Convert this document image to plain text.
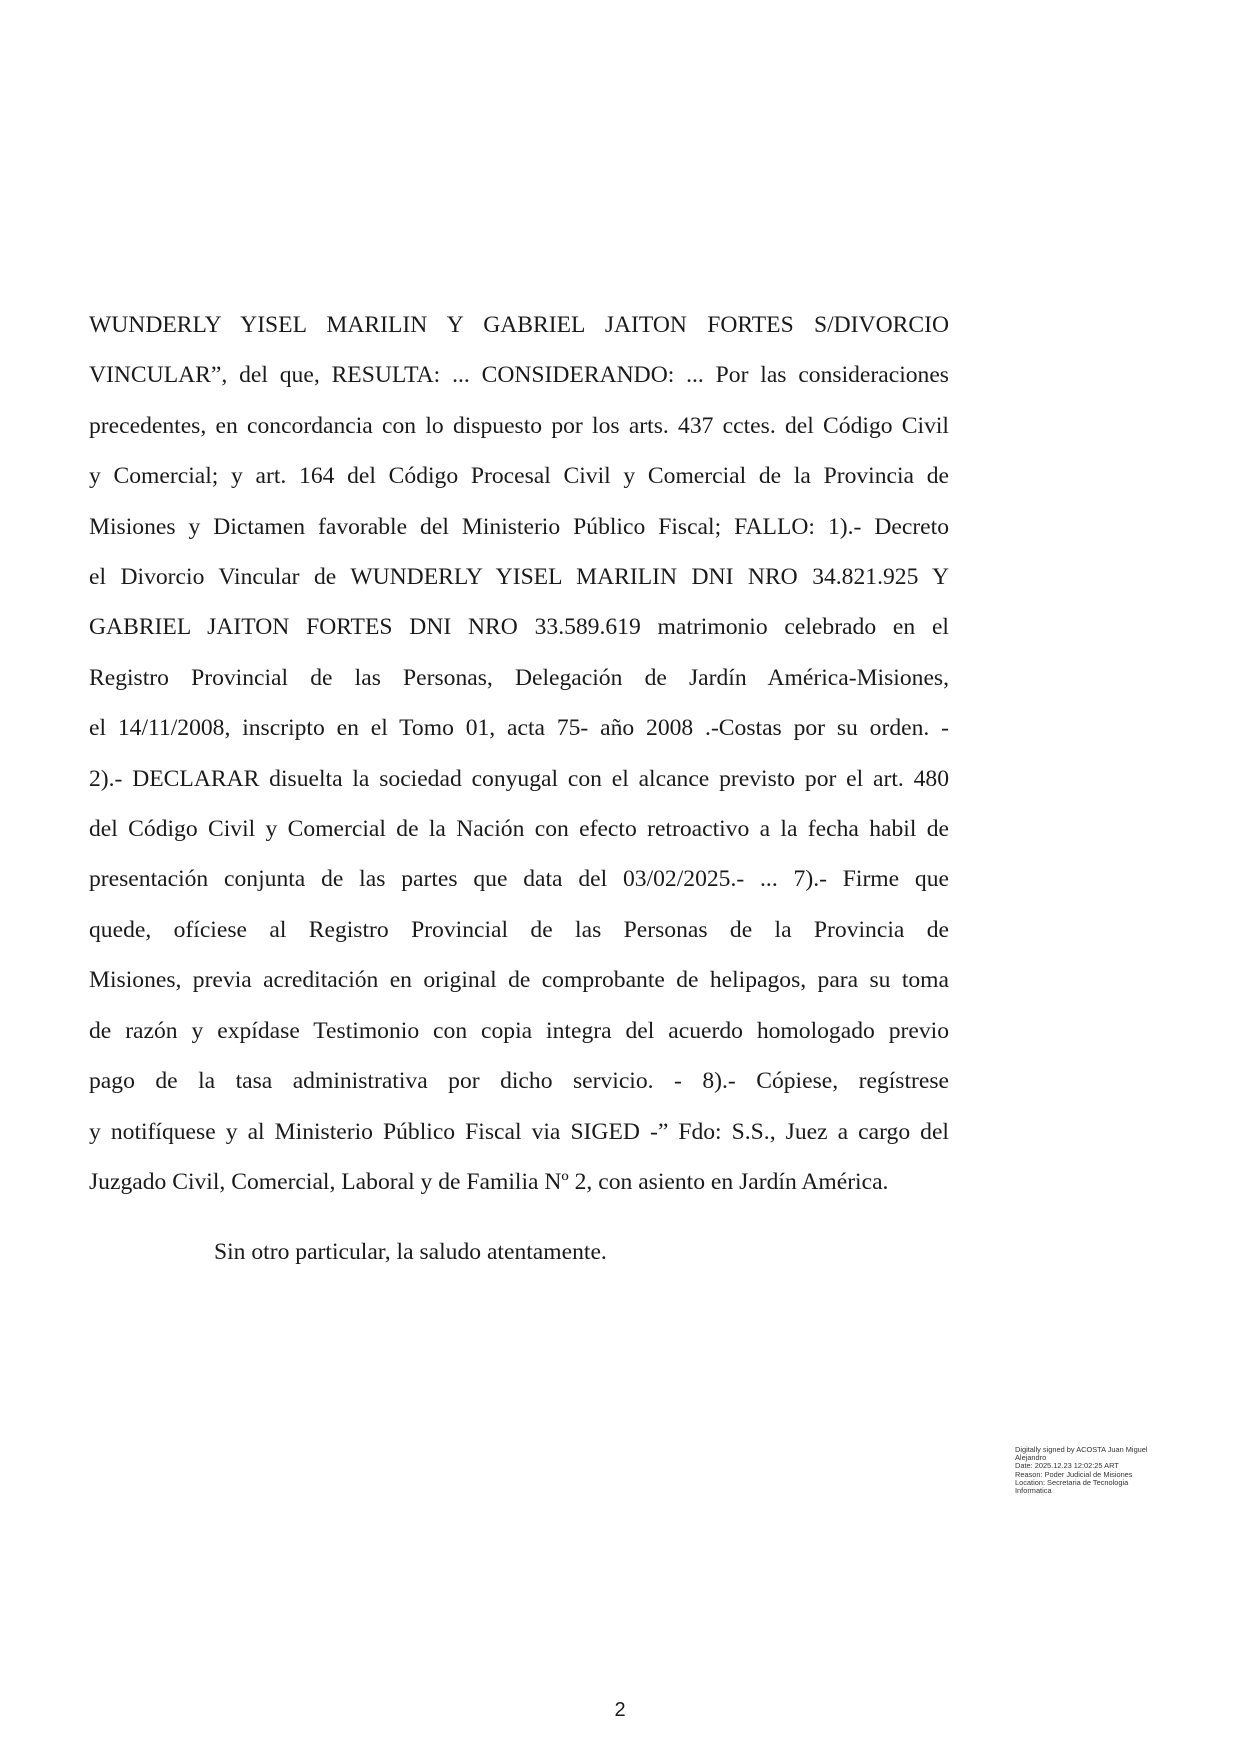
WUNDERLY YISEL MARILIN Y GABRIEL JAITON FORTES S/DIVORCIO
VINCULAR”, del que, RESULTA: ... CONSIDERANDO: ... Por las consideraciones
precedentes, en concordancia con lo dispuesto por los arts. 437 cctes. del Código Civil
y Comercial; y art. 164 del Código Procesal Civil y Comercial de la Provincia de
Misiones y Dictamen favorable del Ministerio Público Fiscal; FALLO: 1).- Decreto
el Divorcio Vincular de WUNDERLY YISEL MARILIN DNI NRO 34.821.925 Y
GABRIEL JAITON FORTES DNI NRO 33.589.619 matrimonio celebrado en el
Registro Provincial de las Personas, Delegación de Jardín América-Misiones,
el 14/11/2008, inscripto en el Tomo 01, acta 75- año 2008 .-Costas por su orden. -
2).- DECLARAR disuelta la sociedad conyugal con el alcance previsto por el art. 480
del Código Civil y Comercial de la Nación con efecto retroactivo a la fecha habil de
presentación conjunta de las partes que data del 03/02/2025.- ... 7).- Firme que
quede, ofíciese al Registro Provincial de las Personas de la Provincia de
Misiones, previa acreditación en original de comprobante de helipagos, para su toma
de razón y expídase Testimonio con copia integra del acuerdo homologado previo
pago de la tasa administrativa por dicho servicio. - 8).- Cópiese, regístrese
y notifíquese y al Ministerio Público Fiscal via SIGED -” Fdo: S.S., Juez a cargo del
Juzgado Civil, Comercial, Laboral y de Familia Nº 2, con asiento en Jardín América.

Sin otro particular, la saludo atentamente.

Digitally signed by ACOSTA Juan Miguel
Alejandro
Date: 2025.12.23 12:02:25 ART
Reason: Poder Judicial de Misiones
Location: Secretaria de Tecnologia
Informatica
2
